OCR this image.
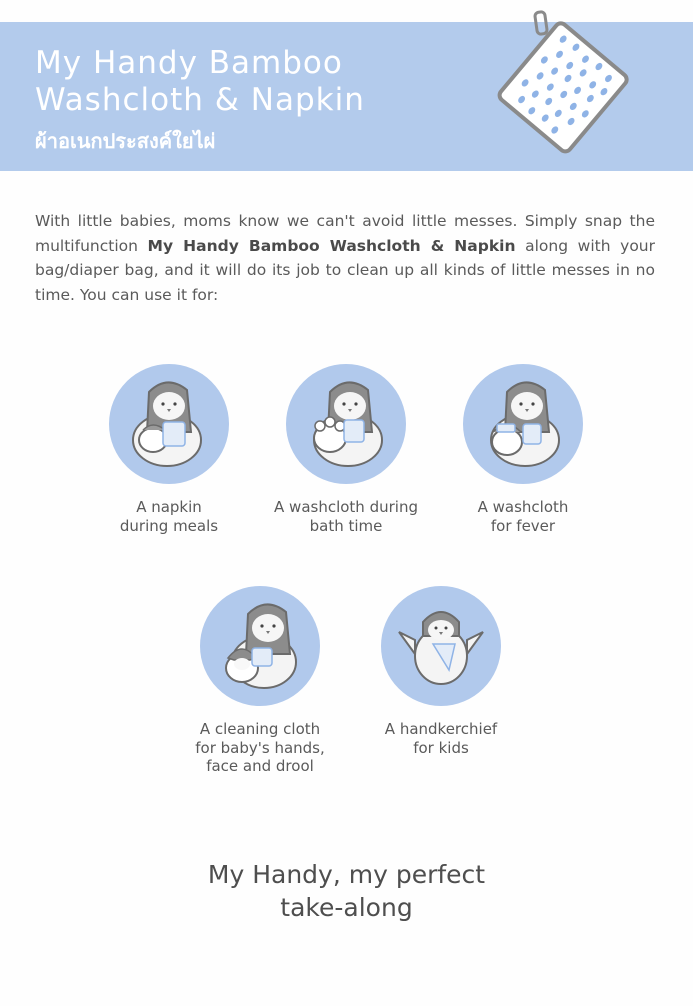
My Handy Bamboo
Washcloth & Napkin
ผ้าอเนกประสงค์ใยไผ่
With little babies, moms know we can't avoid little messes. Simply snap the multifunction My Handy Bamboo Washcloth & Napkin along with your bag/diaper bag, and it will do its job to clean up all kinds of little messes in no time. You can use it for:
A napkin
during meals
A washcloth during
bath time
A washcloth
for fever
A cleaning cloth
for baby's hands,
face and drool
A handkerchief
for kids
My Handy, my perfect
take-along
